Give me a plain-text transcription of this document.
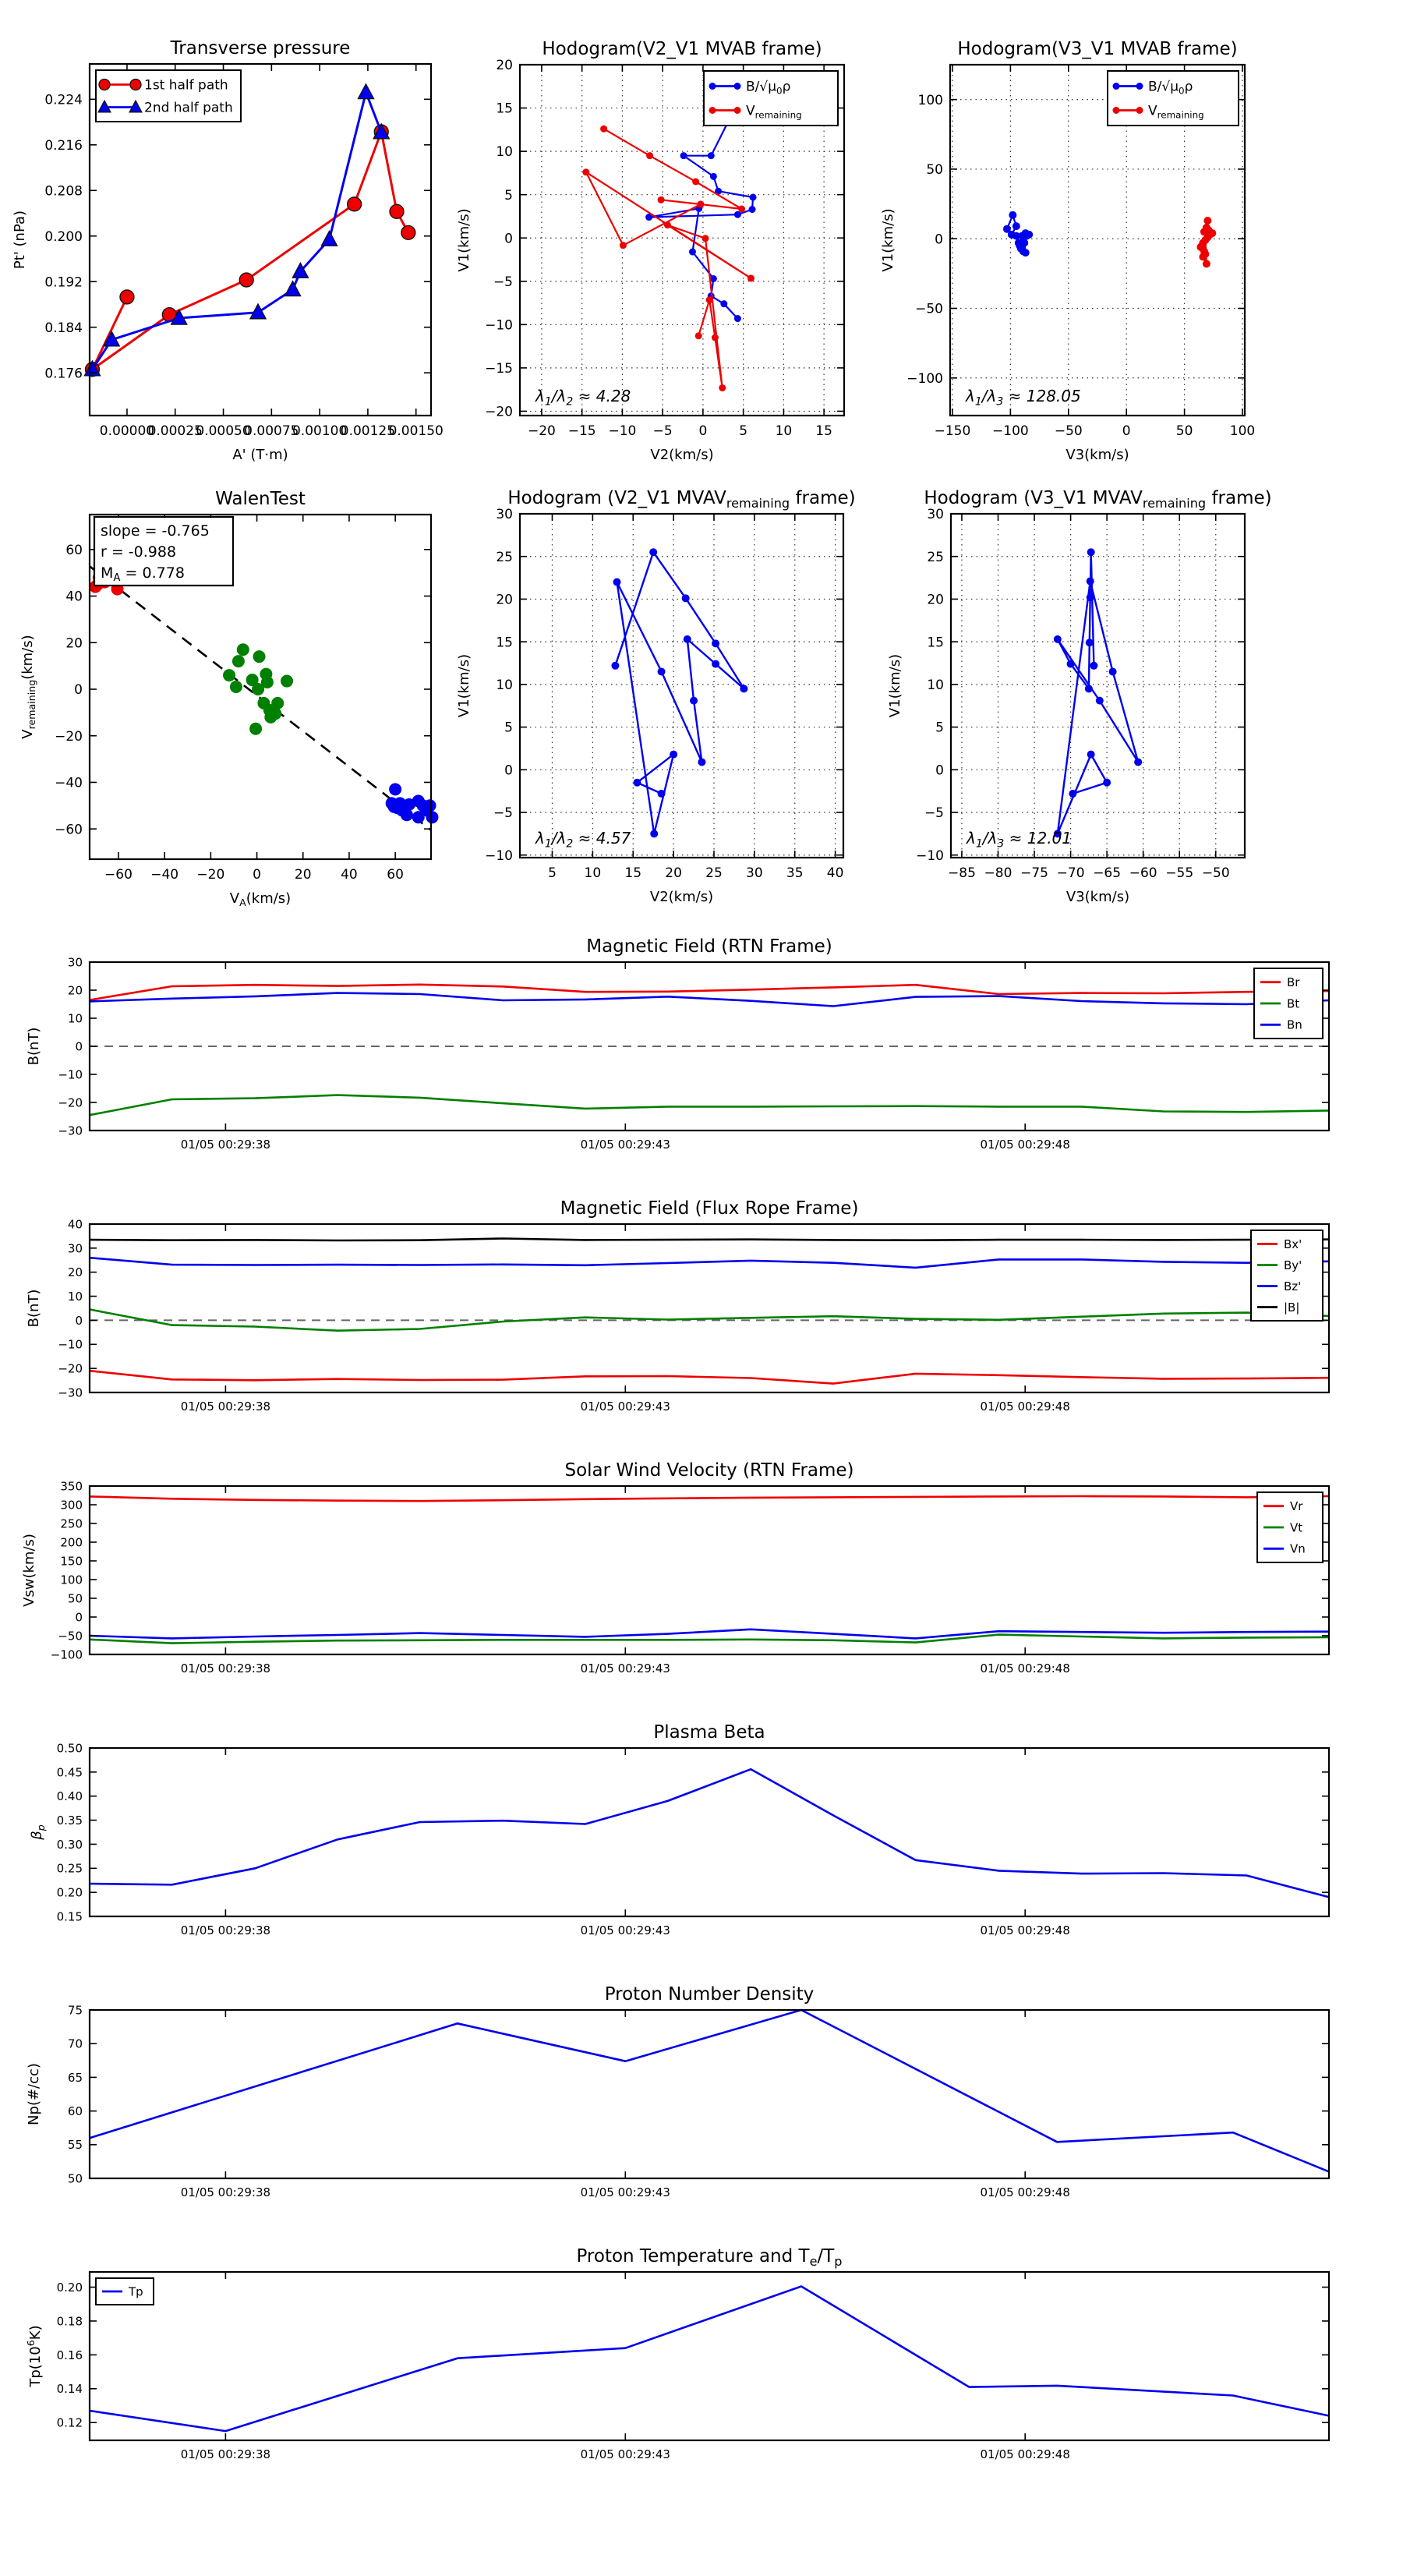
0.00000
0.00025
0.00050
0.00075
0.00100
0.00125
0.00150
0.176
0.184
0.192
0.200
0.208
0.216
0.224
Transverse pressure
A' (T·m)
Pt' (nPa)
1st half path
2nd half path
−20 −15 −10 −5 0 5 10 15
−20
−15
−10
−5
0
5
10
15
20
Hodogram(V2_V1 MVAB frame)
V2(km/s)
V1(km/s)
$\lambda_1/\lambda_2 \approx 4.28$
$B/√\mu_0\rho$
$V_{remaining}$
−150 −100 −50	0	50	100
−100
−50
0
50
100
Hodogram(V3_V1 MVAB frame)
V3(km/s)
V1(km/s)
$\lambda_1/\lambda_3 \approx 128.05$
$B/√\mu_0\rho$
$V_{remaining}$
−60 −40 −20 0	20 40 60
−60
−40
−20
0
20
40
60
WalenTest
$V_A(km/s)$
$V_{remaining}(km/s)$
slope = -0.765
r = -0.988
$M_A = 0.778$
5 10 15 20 25 30 35 40
−10
−5
0
5
10
15
20
25
30
Hodogram (V2_V1 $MVAV_{remaining}$ frame)
V2(km/s)
V1(km/s)
$\lambda_1/\lambda_2 \approx 4.57$
−85 −80 −75 −70 −65 −60 −55 −50
−10
−5
0
5
10
15
20
25
30
Hodogram (V3_V1 $MVAV_{remaining}$ frame)
V3(km/s)
V1(km/s)
$\lambda_1/\lambda_3 \approx 12.01$
01/05 00:29:38	01/05 00:29:43	01/05 00:29:48
−30
−20
−10
0
10
20
30
Magnetic Field (RTN Frame)
B(nT)
Br
Bt
Bn
01/05 00:29:38	01/05 00:29:43	01/05 00:29:48
−30
−20
−10
0
10
20
30
40
Magnetic Field (Flux Rope Frame)
B(nT)
Bx'
By'
Bz'
|B|
01/05 00:29:38	01/05 00:29:43	01/05 00:29:48
−100
−50
0
50
100
150
200
250
300
350
Solar Wind Velocity (RTN Frame)
Vsw(km/s)
Vr
Vt
Vn
01/05 00:29:38	01/05 00:29:43	01/05 00:29:48
0.15
0.20
0.25
0.30
0.35
0.40
0.45
0.50
Plasma Beta
$\beta_p$
01/05 00:29:38	01/05 00:29:43	01/05 00:29:48
50
55
60
65
70
75
Proton Number Density
Np(#/cc)
01/05 00:29:38	01/05 00:29:43	01/05 00:29:48
0.12
0.14
0.16
0.18
0.20
Proton Temperature and $T_e/T_p$
$Tp(10^6K)$
Tp
